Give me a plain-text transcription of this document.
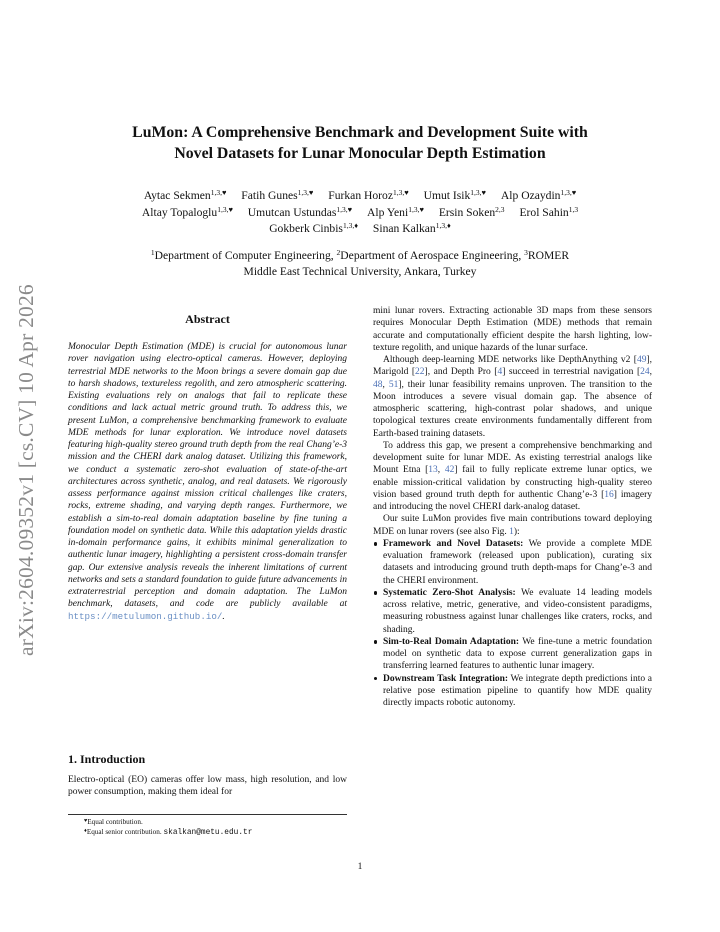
arXiv:2604.09352v1 [cs.CV] 10 Apr 2026
LuMon: A Comprehensive Benchmark and Development Suite with
Novel Datasets for Lunar Monocular Depth Estimation
Aytac Sekmen$^{1,3,♥}$ Fatih Gunes$^{1,3,♥}$ Furkan Horoz$^{1,3,♥}$ Umut Isik$^{1,3,♥}$ Alp Ozaydin$^{1,3,♥}$
Altay Topaloglu$^{1,3,♥}$ Umutcan Ustundas$^{1,3,♥}$ Alp Yeni$^{1,3,♥}$ Ersin Soken$^{2,3}$ Erol Sahin$^{1,3}$
Gokberk Cinbis$^{1,3,♦}$ Sinan Kalkan$^{1,3,♦}$
$^1$Department of Computer Engineering, $^2$Department of Aerospace Engineering, $^3$ROMER
Middle East Technical University, Ankara, Turkey
Abstract

Monocular Depth Estimation (MDE) is crucial for autonomous lunar rover navigation using electro-optical cameras. However, deploying terrestrial MDE networks to the Moon brings a severe domain gap due to harsh shadows, textureless regolith, and zero atmospheric scattering. Existing evaluations rely on analogs that fail to replicate these conditions and lack actual metric ground truth. To address this, we present LuMon, a comprehensive benchmarking framework to evaluate MDE methods for lunar exploration. We introduce novel datasets featuring high-quality stereo ground truth depth from the real Chang’e-3 mission and the CHERI dark analog dataset. Utilizing this framework, we conduct a systematic zero-shot evaluation of state-of-the-art architectures across synthetic, analog, and real datasets. We rigorously assess performance against mission critical challenges like craters, rocks, extreme shading, and varying depth ranges. Furthermore, we establish a sim-to-real domain adaptation baseline by fine tuning a foundation model on synthetic data. While this adaptation yields drastic in-domain performance gains, it exhibits minimal generalization to authentic lunar imagery, highlighting a persistent cross-domain transfer gap. Our extensive analysis reveals the inherent limitations of current networks and sets a standard foundation to guide future advancements in extraterrestrial perception and domain adaptation. The LuMon benchmark, datasets, and code are publicly available at https://metulumon.github.io/.

1. Introduction

Electro-optical (EO) cameras offer low mass, high resolution, and low power consumption, making them ideal for

♥Equal contribution.

♦Equal senior contribution. skalkan@metu.edu.tr

mini lunar rovers. Extracting actionable 3D maps from these sensors requires Monocular Depth Estimation (MDE) methods that remain accurate and computationally efficient despite the harsh lighting, low-texture regolith, and unique hazards of the lunar surface.

Although deep-learning MDE networks like DepthAnything v2 [49], Marigold [22], and Depth Pro [4] succeed in terrestrial navigation [24, 48, 51], their lunar feasibility remains unproven. The transition to the Moon introduces a severe visual domain gap. The absence of atmospheric scattering, high-contrast polar shadows, and unique topological textures create environments fundamentally different from Earth-based training datasets.

To address this gap, we present a comprehensive benchmarking and development suite for lunar MDE. As existing terrestrial analogs like Mount Etna [13, 42] fail to fully replicate extreme lunar optics, we enable mission-critical validation by constructing high-quality stereo vision based ground truth depth for authentic Chang’e-3 [16] imagery and introducing the novel CHERI dark-analog dataset.

Our suite LuMon provides five main contributions toward deploying MDE on lunar rovers (see also Fig. 1):

Framework and Novel Datasets: We provide a complete MDE evaluation framework (released upon publication), curating six datasets and introducing ground truth depth-maps for Chang’e-3 and the CHERI environment.
Systematic Zero-Shot Analysis: We evaluate 14 leading models across relative, metric, generative, and video-consistent paradigms, measuring robustness against lunar challenges like craters, rocks, and shading.
Sim-to-Real Domain Adaptation: We fine-tune a metric foundation model on synthetic data to expose current generalization gaps in transferring learned features to authentic lunar imagery.
Downstream Task Integration: We integrate depth predictions into a relative pose estimation pipeline to quantify how MDE quality directly impacts robotic autonomy.
1
